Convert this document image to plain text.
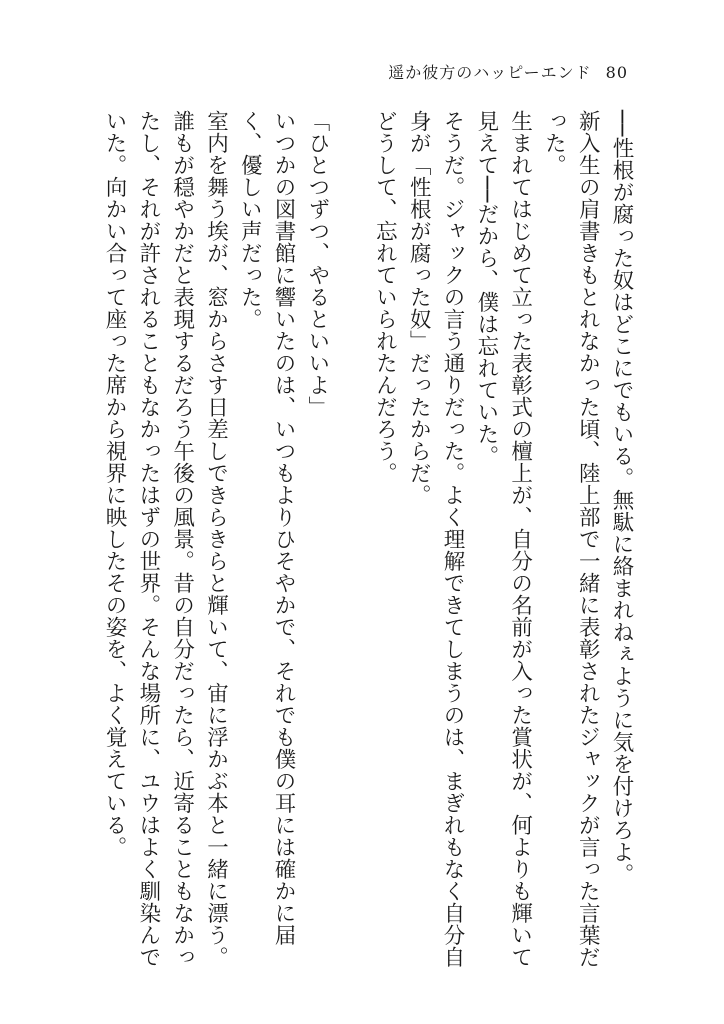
遥か彼方のハッピーエンド 80

──性根が腐った奴はどこにでもいる。無駄に絡まれねぇように気を付けろよ。

新入生の肩書きもとれなかった頃、陸上部で一緒に表彰されたジャックが言った言葉だった。

生まれてはじめて立った表彰式の檀上が、自分の名前が入った賞状が、何よりも輝いて見えて──だから、僕は忘れていた。

そうだ。ジャックの言う通りだった。よく理解できてしまうのは、まぎれもなく自分自身が「性根が腐った奴」だったからだ。

どうして、忘れていられたんだろう。

「ひとつずつ、やるといいよ」

いつかの図書館に響いたのは、いつもよりひそやかで、それでも僕の耳には確かに届く、優しい声だった。

室内を舞う埃が、窓からさす日差しできらきらと輝いて、宙に浮かぶ本と一緒に漂う。

誰もが穏やかだと表現するだろう午後の風景。昔の自分だったら、近寄ることもなかったし、それが許されることもなかったはずの世界。そんな場所に、ユウはよく馴染んでいた。向かい合って座った席から視界に映したその姿を、よく覚えている。
